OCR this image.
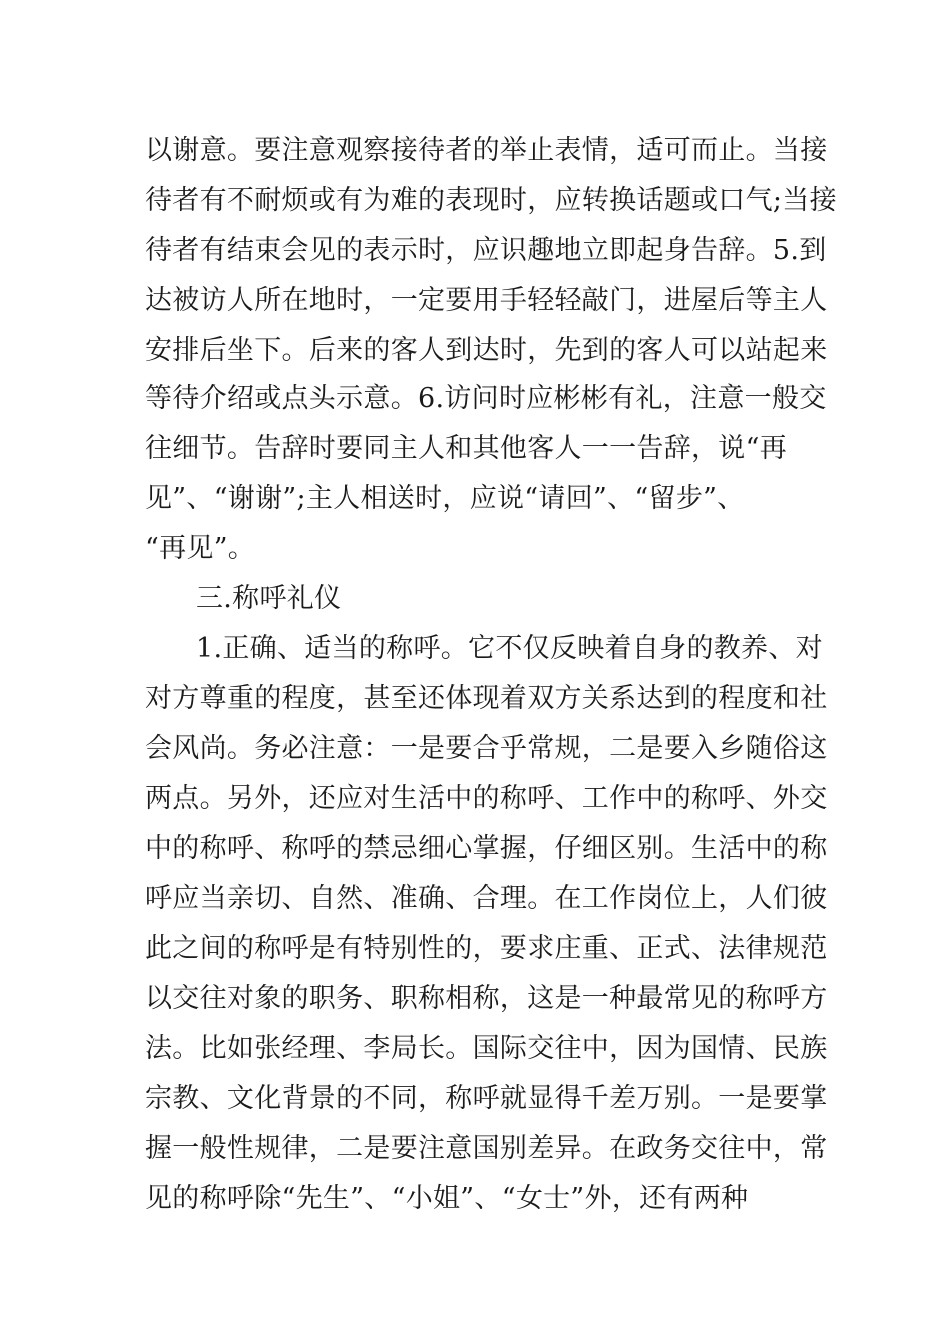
以谢意。要注意观察接待者的举止表情，适可而止。当接

待者有不耐烦或有为难的表现时，应转换话题或口气;当接

待者有结束会见的表示时，应识趣地立即起身告辞。5.到

达被访人所在地时，一定要用手轻轻敲门，进屋后等主人

安排后坐下。后来的客人到达时，先到的客人可以站起来

等待介绍或点头示意。6.访问时应彬彬有礼，注意一般交

往细节。告辞时要同主人和其他客人一一告辞，说“再

见”、“谢谢”;主人相送时，应说“请回”、“留步”、

“再见”。

三.称呼礼仪

1.正确、适当的称呼。它不仅反映着自身的教养、对

对方尊重的程度，甚至还体现着双方关系达到的程度和社

会风尚。务必注意：一是要合乎常规，二是要入乡随俗这

两点。另外，还应对生活中的称呼、工作中的称呼、外交

中的称呼、称呼的禁忌细心掌握，仔细区别。生活中的称

呼应当亲切、自然、准确、合理。在工作岗位上，人们彼

此之间的称呼是有特别性的，要求庄重、正式、法律规范

以交往对象的职务、职称相称，这是一种最常见的称呼方

法。比如张经理、李局长。国际交往中，因为国情、民族

宗教、文化背景的不同，称呼就显得千差万别。一是要掌

握一般性规律，二是要注意国别差异。在政务交往中，常

见的称呼除“先生”、“小姐”、“女士”外，还有两种
